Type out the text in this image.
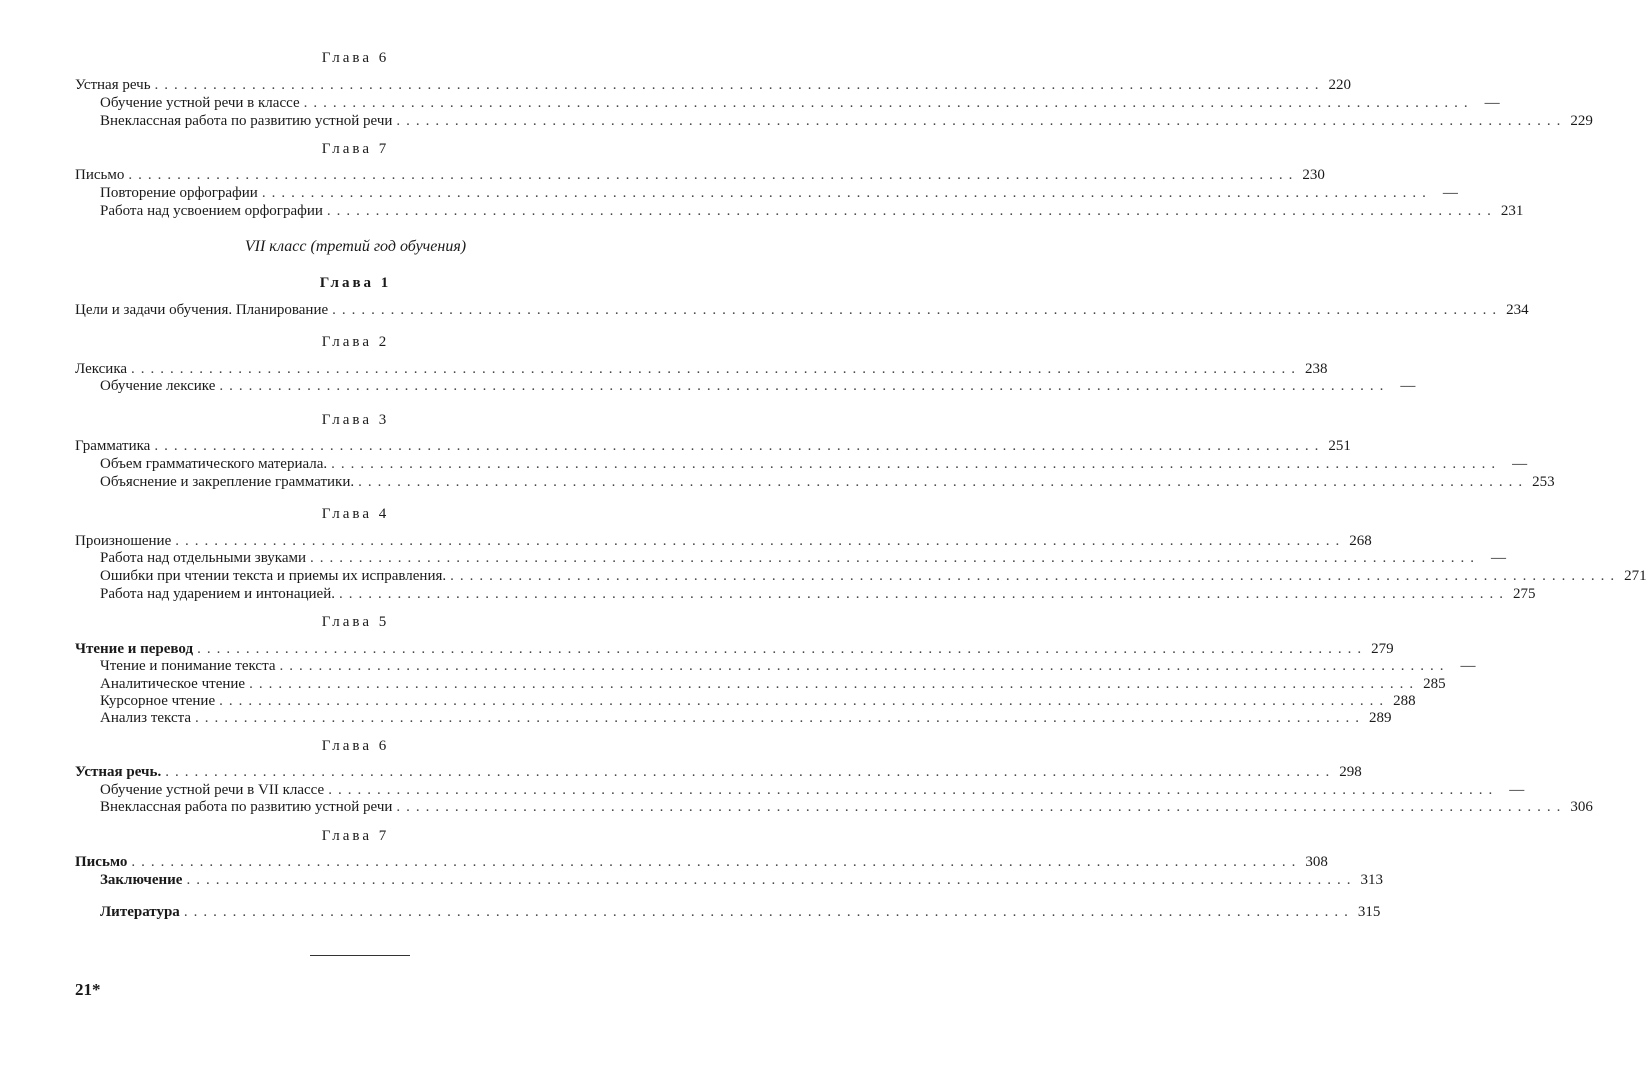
21*
Глава 6
Устная речь ........................................................................................................................ 220
Обучение устной речи в классе ........................................................................................................................ —
Внеклассная работа по развитию устной речи ........................................................................................................................ 229
Глава 7
Письмо ........................................................................................................................ 230
Повторение орфографии ........................................................................................................................ —
Работа над усвоением орфографии ........................................................................................................................ 231
VII класс (третий год обучения)
Глава 1
Цели и задачи обучения. Планирование ........................................................................................................................ 234
Глава 2
Лексика ........................................................................................................................ 238
Обучение лексике ........................................................................................................................ —
Глава 3
Грамматика ........................................................................................................................ 251
Объем грамматического материала. ........................................................................................................................ —
Объяснение и закрепление грамматики. ........................................................................................................................ 253
Глава 4
Произношение ........................................................................................................................ 268
Работа над отдельными звуками ........................................................................................................................ —
Ошибки при чтении текста и приемы их исправления. ........................................................................................................................ 271
Работа над ударением и интонацией. ........................................................................................................................ 275
Глава 5
Чтение и перевод ........................................................................................................................ 279
Чтение и понимание текста ........................................................................................................................ —
Аналитическое чтение ........................................................................................................................ 285
Курсорное чтение ........................................................................................................................ 288
Анализ текста ........................................................................................................................ 289
Глава 6
Устная речь. ........................................................................................................................ 298
Обучение устной речи в VII классе ........................................................................................................................ —
Внеклассная работа по развитию устной речи ........................................................................................................................ 306
Глава 7
Письмо ........................................................................................................................ 308
Заключение ........................................................................................................................ 313
Литература ........................................................................................................................ 315
